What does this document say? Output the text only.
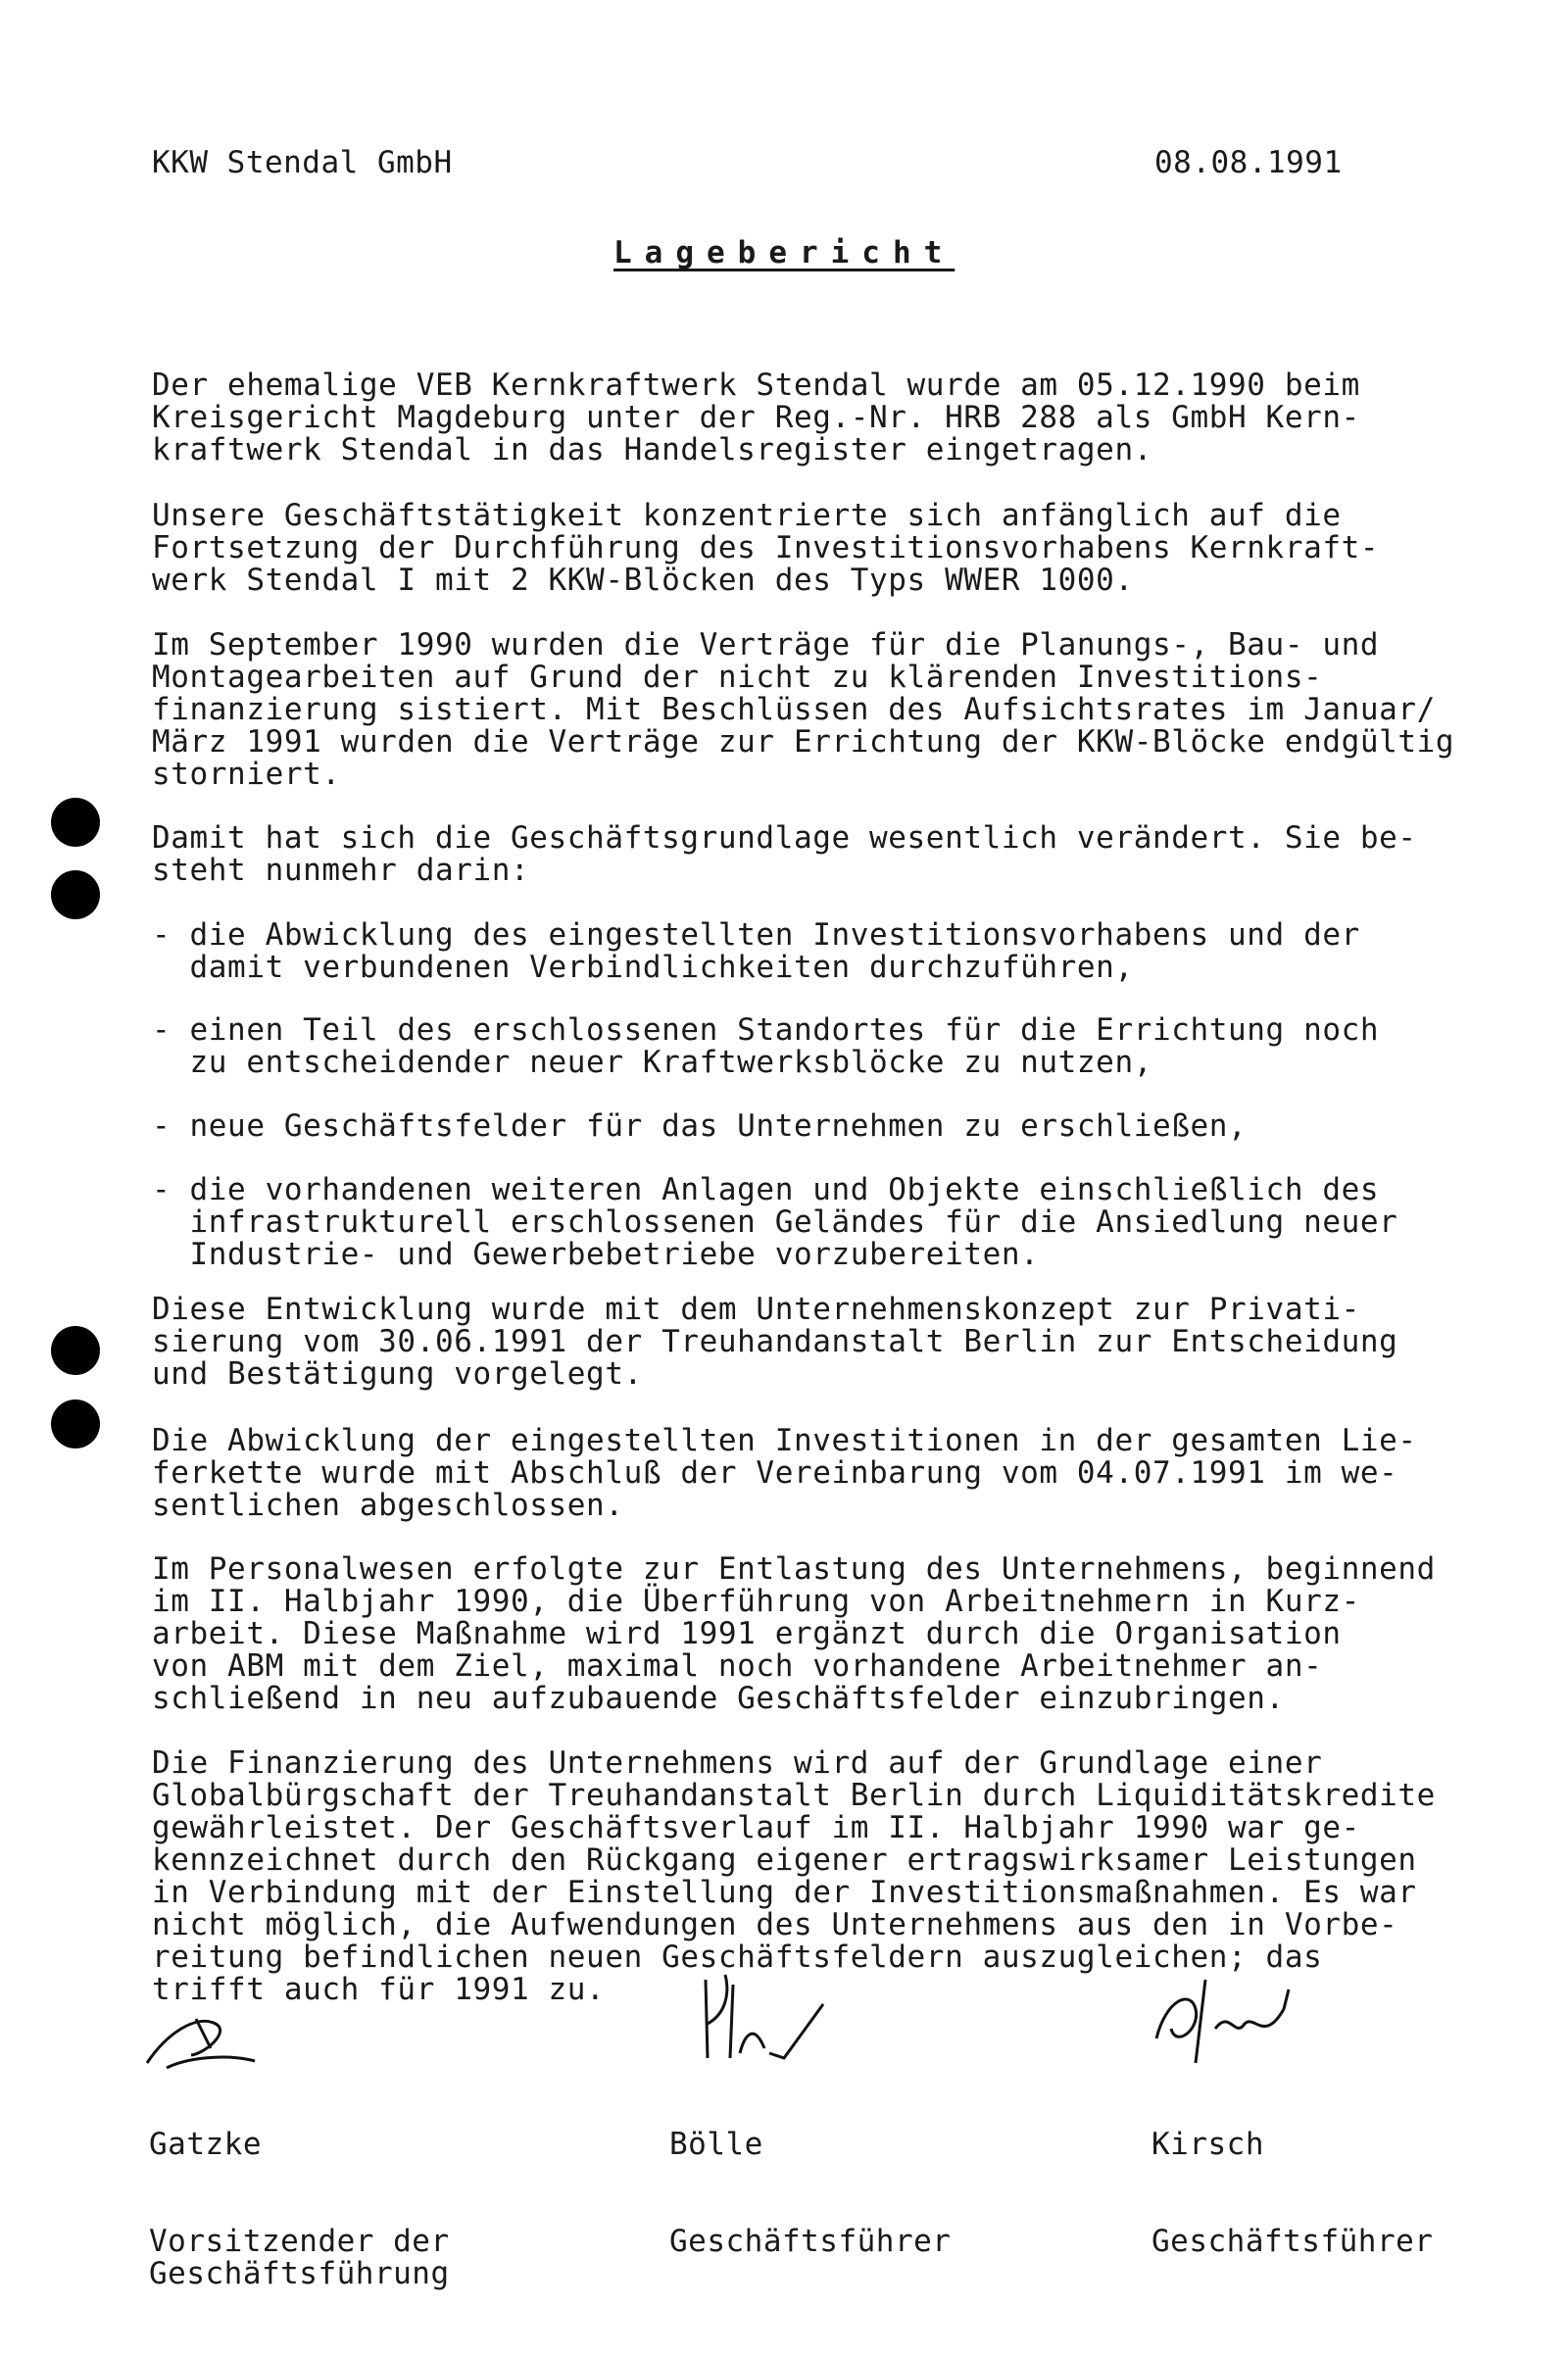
KKW Stendal GmbH	08.08.1991
Lagebericht
Der ehemalige VEB Kernkraftwerk Stendal wurde am 05.12.1990 beim
Kreisgericht Magdeburg unter der Reg.-Nr. HRB 288 als GmbH Kern-
kraftwerk Stendal in das Handelsregister eingetragen.
Unsere Geschäftstätigkeit konzentrierte sich anfänglich auf die
Fortsetzung der Durchführung des Investitionsvorhabens Kernkraft-
werk Stendal I mit 2 KKW-Blöcken des Typs WWER 1000.
Im September 1990 wurden die Verträge für die Planungs-, Bau- und
Montagearbeiten auf Grund der nicht zu klärenden Investitions-
finanzierung sistiert. Mit Beschlüssen des Aufsichtsrates im Januar/
März 1991 wurden die Verträge zur Errichtung der KKW-Blöcke endgültig
storniert.
Damit hat sich die Geschäftsgrundlage wesentlich verändert. Sie be-
steht nunmehr darin:
- die Abwicklung des eingestellten Investitionsvorhabens und der
damit verbundenen Verbindlichkeiten durchzuführen,
- einen Teil des erschlossenen Standortes für die Errichtung noch
zu entscheidender neuer Kraftwerksblöcke zu nutzen,
- neue Geschäftsfelder für das Unternehmen zu erschließen,
- die vorhandenen weiteren Anlagen und Objekte einschließlich des
infrastrukturell erschlossenen Geländes für die Ansiedlung neuer
Industrie- und Gewerbebetriebe vorzubereiten.
Diese Entwicklung wurde mit dem Unternehmenskonzept zur Privati-
sierung vom 30.06.1991 der Treuhandanstalt Berlin zur Entscheidung
und Bestätigung vorgelegt.
Die Abwicklung der eingestellten Investitionen in der gesamten Lie-
ferkette wurde mit Abschluß der Vereinbarung vom 04.07.1991 im we-
sentlichen abgeschlossen.
Im Personalwesen erfolgte zur Entlastung des Unternehmens, beginnend
im II. Halbjahr 1990, die Überführung von Arbeitnehmern in Kurz-
arbeit. Diese Maßnahme wird 1991 ergänzt durch die Organisation
von ABM mit dem Ziel, maximal noch vorhandene Arbeitnehmer an-
schließend in neu aufzubauende Geschäftsfelder einzubringen.
Die Finanzierung des Unternehmens wird auf der Grundlage einer
Globalbürgschaft der Treuhandanstalt Berlin durch Liquiditätskredite
gewährleistet. Der Geschäftsverlauf im II. Halbjahr 1990 war ge-
kennzeichnet durch den Rückgang eigener ertragswirksamer Leistungen
in Verbindung mit der Einstellung der Investitionsmaßnahmen. Es war
nicht möglich, die Aufwendungen des Unternehmens aus den in Vorbe-
reitung befindlichen neuen Geschäftsfeldern auszugleichen; das
trifft auch für 1991 zu.

Gatzke

Vorsitzender der
Geschäftsführung

Bölle

Geschäftsführer

Kirsch

Geschäftsführer
